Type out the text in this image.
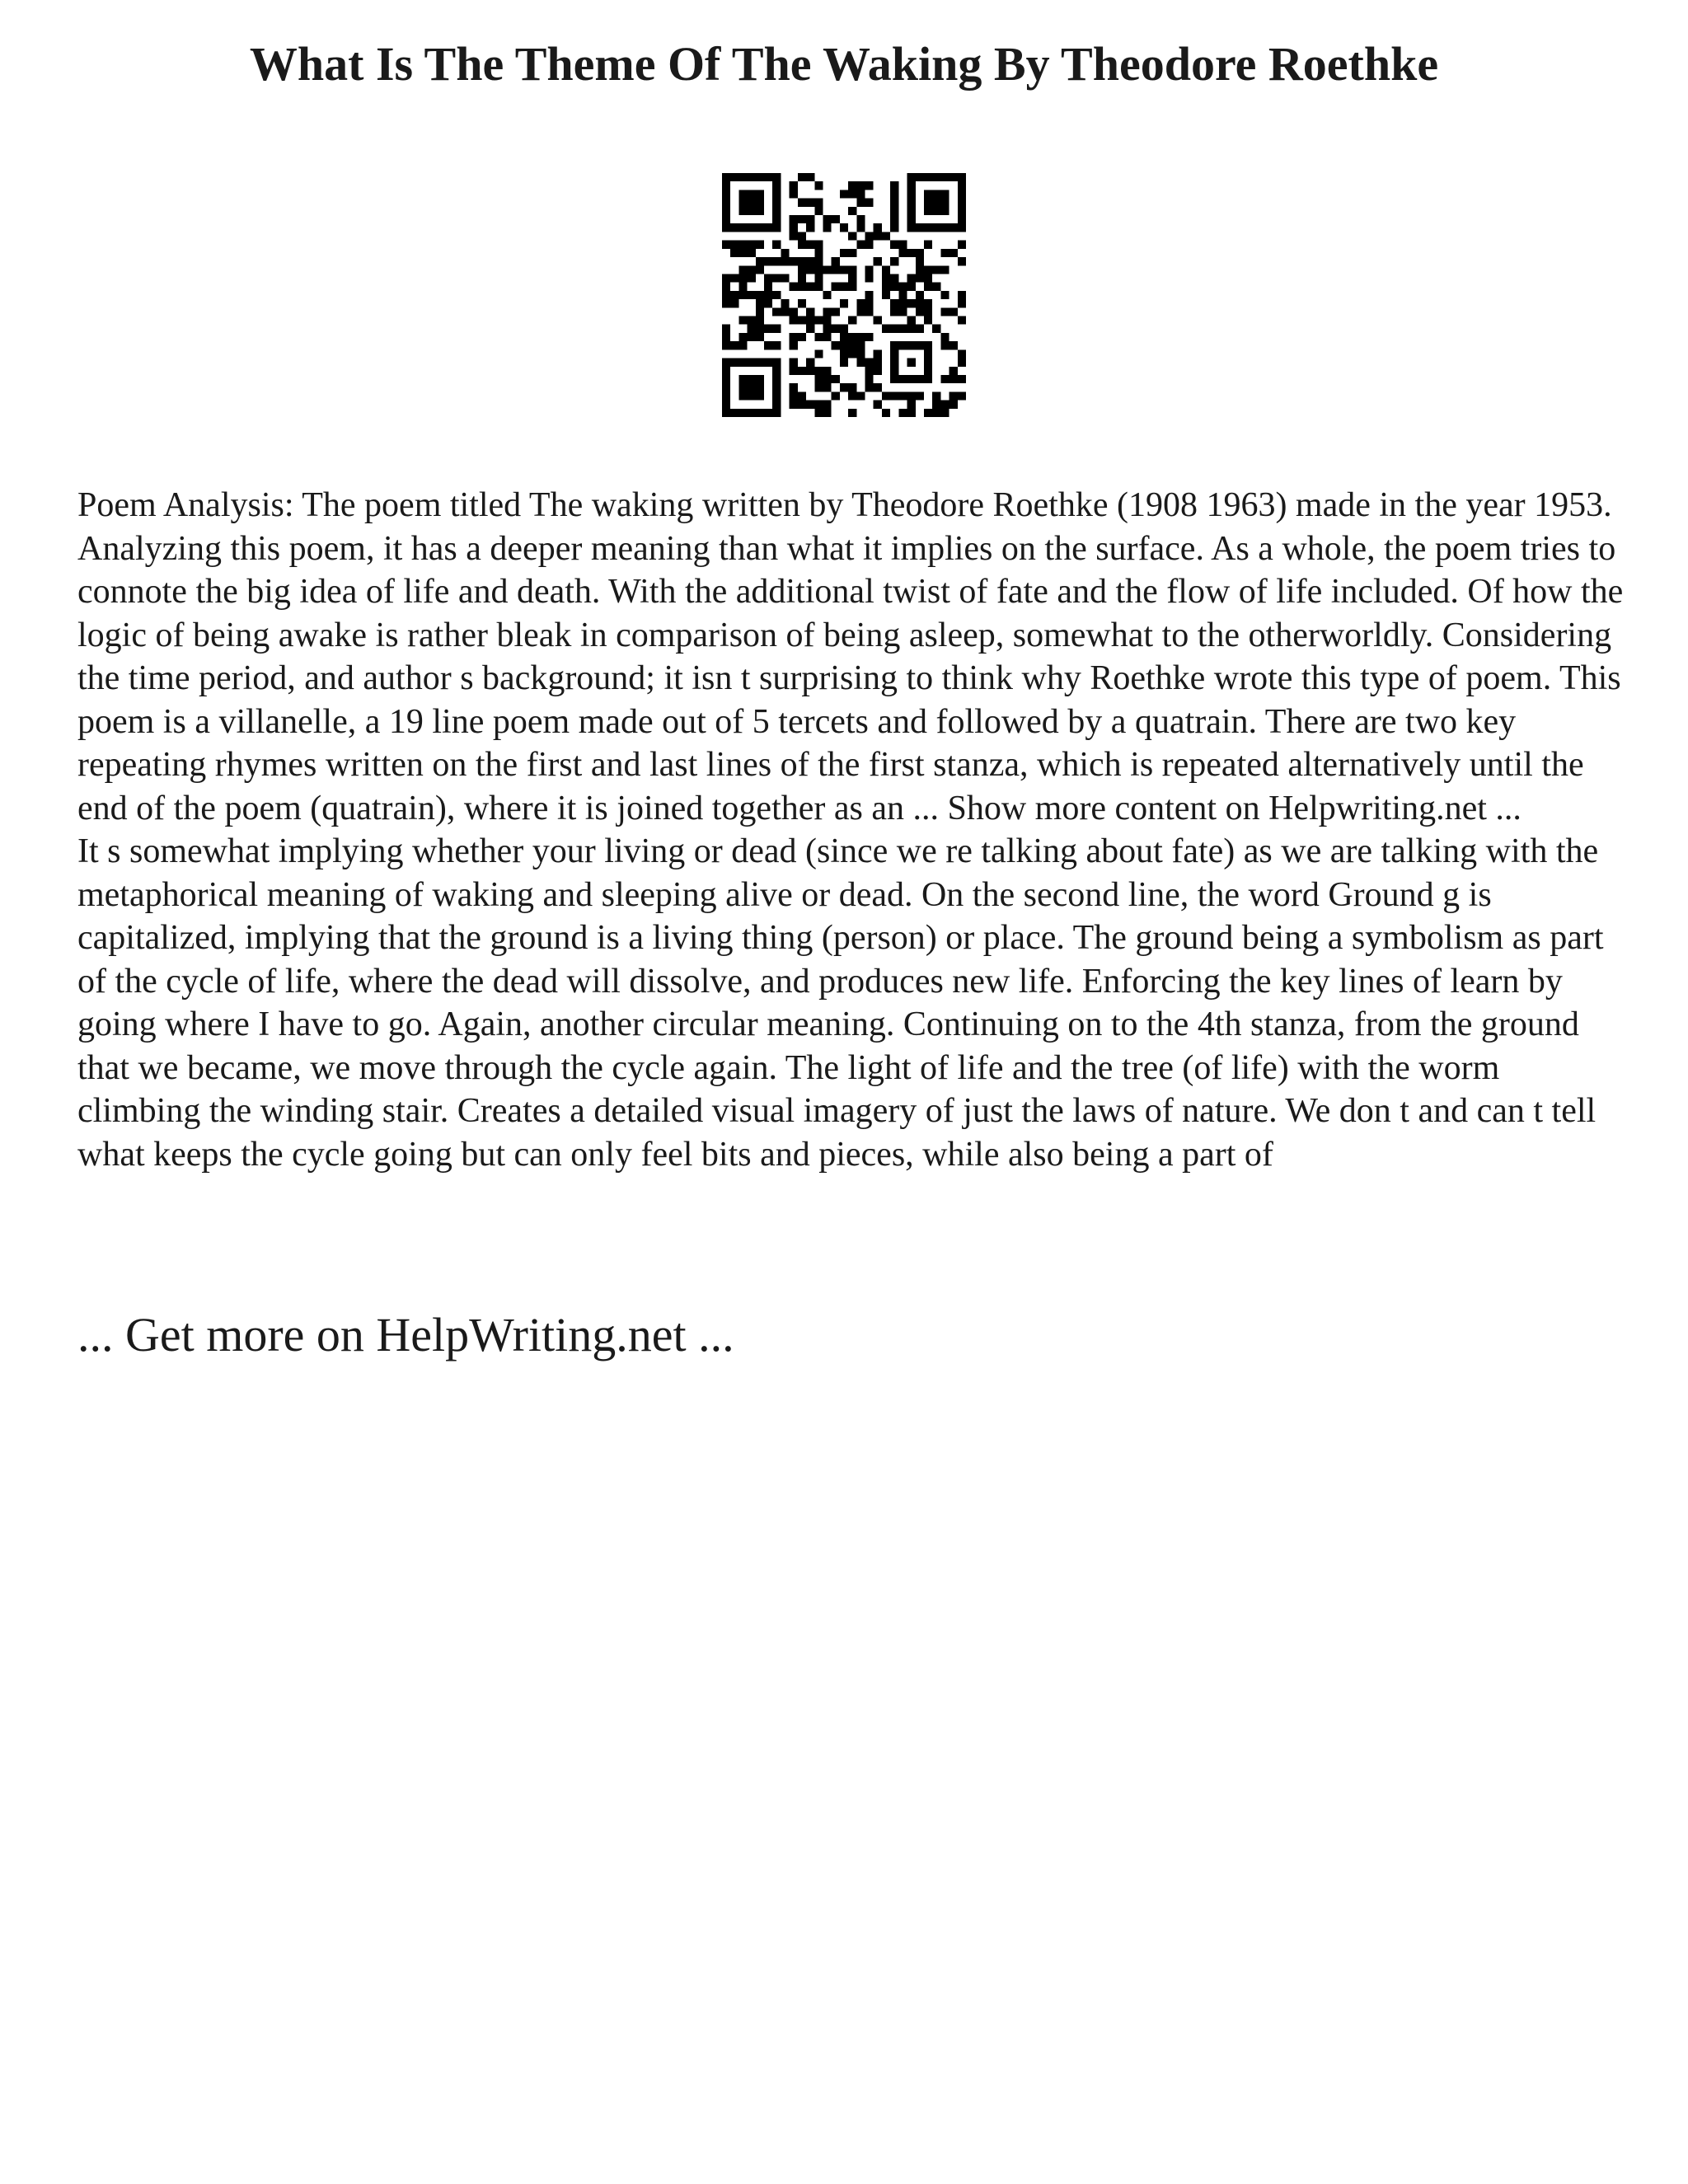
What Is The Theme Of The Waking By Theodore Roethke

Poem Analysis: The poem titled The waking written by Theodore Roethke (1908 1963) made in the year 1953. Analyzing this poem, it has a deeper meaning than what it implies on the surface. As a whole, the poem tries to connote the big idea of life and death. With the additional twist of fate and the flow of life included. Of how the logic of being awake is rather bleak in comparison of being asleep, somewhat to the otherworldly. Considering the time period, and author s background; it isn t surprising to think why Roethke wrote this type of poem. This poem is a villanelle, a 19 line poem made out of 5 tercets and followed by a quatrain. There are two key repeating rhymes written on the first and last lines of the first stanza, which is repeated alternatively until the end of the poem (quatrain), where it is joined together as an ... Show more content on Helpwriting.net ...

It s somewhat implying whether your living or dead (since we re talking about fate) as we are talking with the metaphorical meaning of waking and sleeping alive or dead. On the second line, the word Ground g is capitalized, implying that the ground is a living thing (person) or place. The ground being a symbolism as part of the cycle of life, where the dead will dissolve, and produces new life. Enforcing the key lines of learn by going where I have to go. Again, another circular meaning. Continuing on to the 4th stanza, from the ground that we became, we move through the cycle again. The light of life and the tree (of life) with the worm climbing the winding stair. Creates a detailed visual imagery of just the laws of nature. We don t and can t tell what keeps the cycle going but can only feel bits and pieces, while also being a part of

... Get more on HelpWriting.net ...
